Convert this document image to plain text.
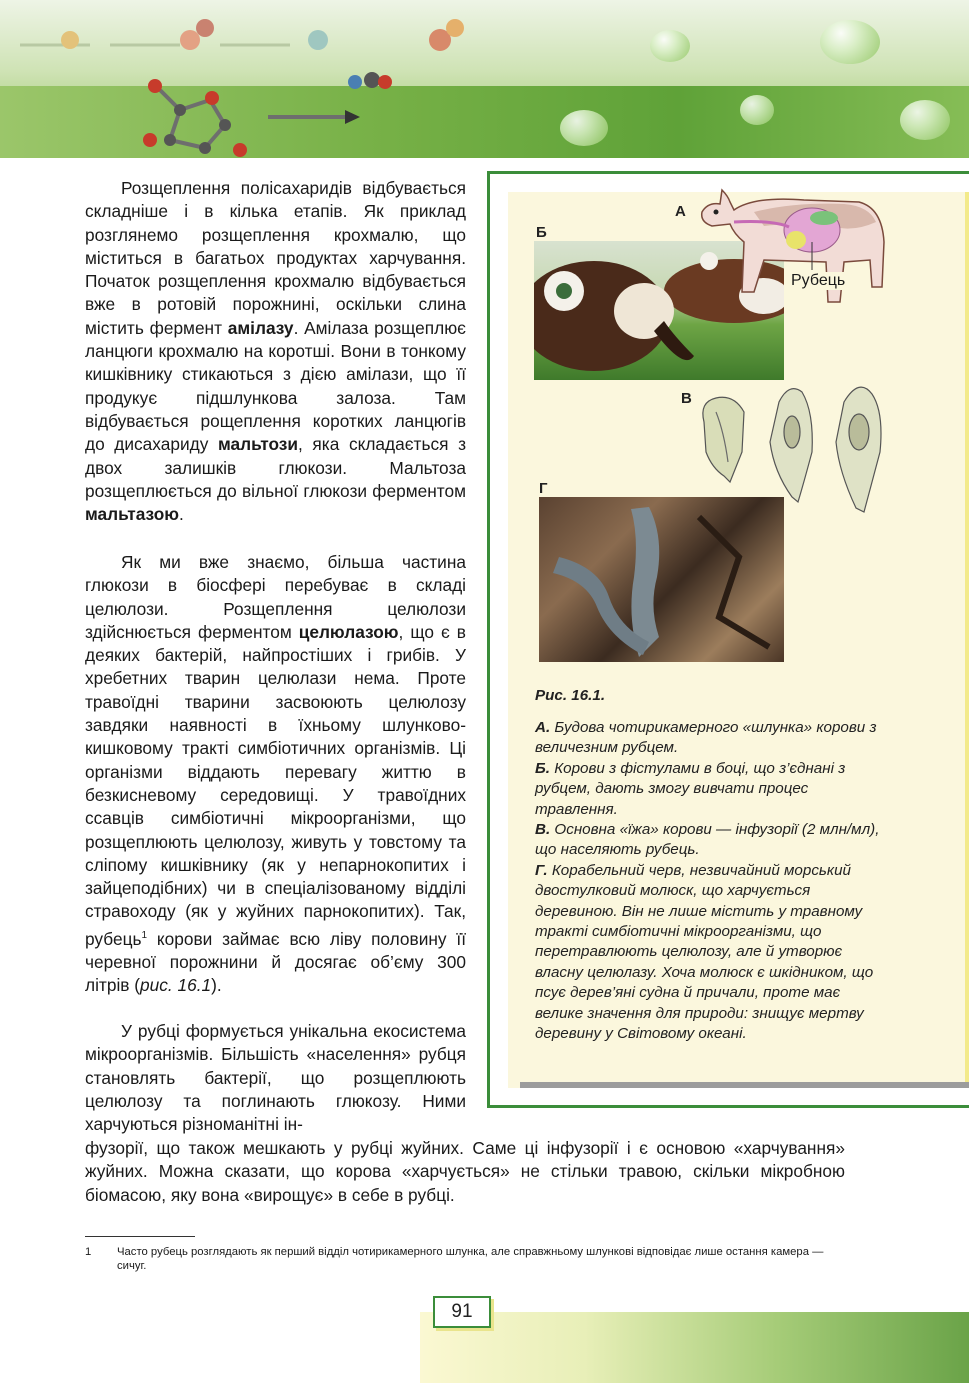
Розщеплення полісахаридів відбувається складніше і в кілька етапів. Як приклад розглянемо розщеплення крохмалю, що міститься в багатьох продуктах харчування. Початок розщеплення крохмалю відбувається вже в ротовій порожнині, оскільки слина містить фермент амілазу. Амілаза розщеплює ланцюги крохмалю на коротші. Вони в тонкому кишківнику стикаються з дією амілази, що її продукує підшлункова залоза. Там відбувається рощеплення коротких ланцюгів до дисахариду мальтози, яка складається з двох залишків глюкози. Мальтоза розщеплюється до вільної глюкози ферментом мальтазою.

Як ми вже знаємо, більша частина глюкози в біосфері перебуває в складі целюлози. Розщеплення целюлози здійснюється ферментом целюлазою, що є в деяких бактерій, найпростіших і грибів. У хребетних тварин целюлази нема. Проте травоїдні тварини засвоюють целюлозу завдяки наявності в їхньому шлунково-кишковому тракті симбіотичних організмів. Ці організми віддають перевагу життю в безкисневому середовищі. У травоїдних ссавців симбіотичні мікроорганізми, що розщеплюють целюлозу, живуть у товстому та сліпому кишківнику (як у непарнокопитих і зайцеподібних) чи в спеціалізованому відділі стравоходу (як у жуйних парнокопитих). Так, рубець$^1$ корови займає всю ліву половину її черевної порожнини й досягає об’єму 300 літрів (рис. 16.1).

У рубці формується унікальна екосистема мікроорганізмів. Більшість «населення» рубця становлять бактерії, що розщеплюють целюлозу та поглинають глюкозу. Ними харчуються різноманітні ін-

фузорії, що також мешкають у рубці жуйних. Саме ці інфузорії і є основою «харчування» жуйних. Можна сказати, що корова «харчується» не стільки травою, скільки мікробною біомасою, яку вона «вирощує» в себе в рубці.
А
Б
В
Г
Рубець
Рис. 16.1.

А. Будова чотирикамерного «шлунка» корови з величезним рубцем.

Б. Корови з фістулами в боці, що з’єднані з рубцем, дають змогу вивчати процес травлення.

В. Основна «їжа» корови — інфузорії (2 млн/мл), що населяють рубець.

Г. Корабельний черв, незвичайний морський двостулковий молюск, що харчується деревиною. Він не лише містить у травному тракті симбіотичні мікроорганізми, що перетравлюють целюлозу, але й утворює власну целюлазу. Хоча молюск є шкідником, що псує дерев’яні судна й причали, проте має велике значення для природи: знищує мертву деревину у Світовому океані.

1 Часто рубець розглядають як перший відділ чотирикамерного шлунка, але справжньому шлункові відповідає лише остання камера — сичуг.
91
